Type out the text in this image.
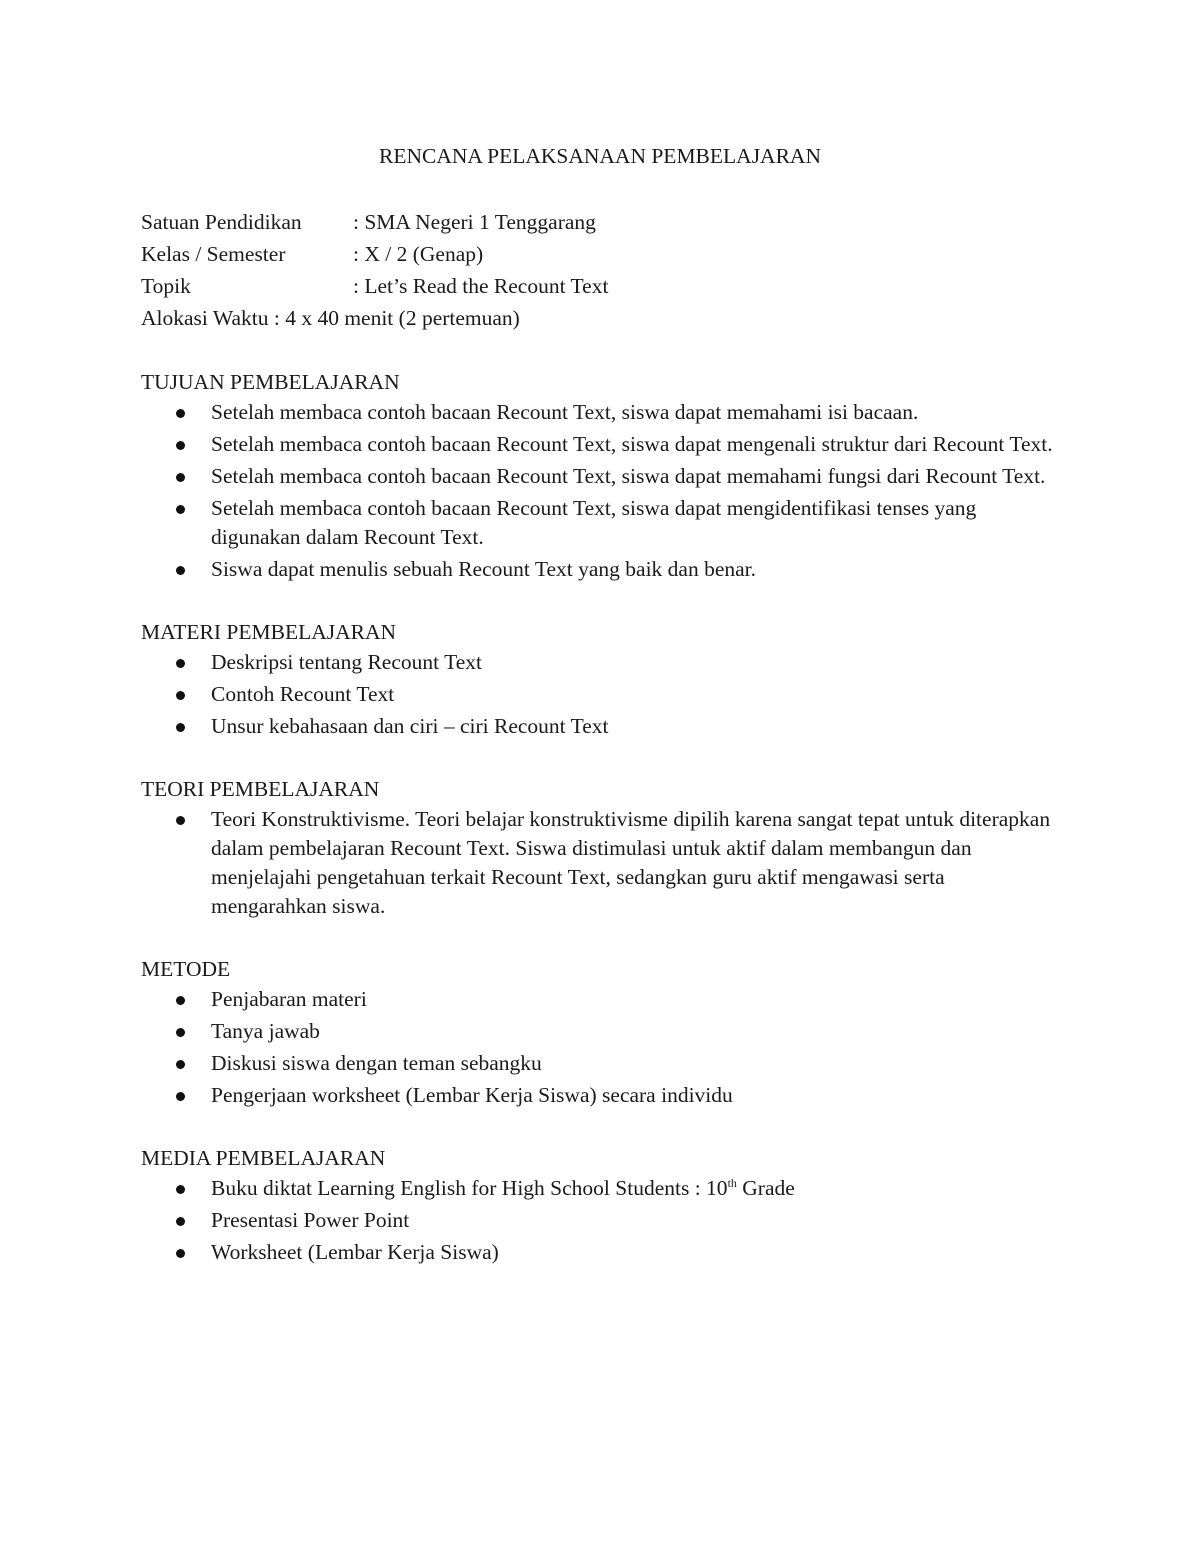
RENCANA PELAKSANAAN PEMBELAJARAN
Satuan Pendidikan : SMA Negeri 1 Tenggarang
Kelas / Semester	: X / 2 (Genap)
Topik	: Let’s Read the Recount Text
Alokasi Waktu : 4 x 40 menit (2 pertemuan)
TUJUAN PEMBELAJARAN
Setelah membaca contoh bacaan Recount Text, siswa dapat memahami isi bacaan.
Setelah membaca contoh bacaan Recount Text, siswa dapat mengenali struktur dari Recount Text.
Setelah membaca contoh bacaan Recount Text, siswa dapat memahami fungsi dari Recount Text.
Setelah membaca contoh bacaan Recount Text, siswa dapat mengidentifikasi tenses yang digunakan dalam Recount Text.
Siswa dapat menulis sebuah Recount Text yang baik dan benar.
MATERI PEMBELAJARAN
Deskripsi tentang Recount Text
Contoh Recount Text
Unsur kebahasaan dan ciri – ciri Recount Text
TEORI PEMBELAJARAN
Teori Konstruktivisme. Teori belajar konstruktivisme dipilih karena sangat tepat untuk diterapkan dalam pembelajaran Recount Text. Siswa distimulasi untuk aktif dalam membangun dan menjelajahi pengetahuan terkait Recount Text, sedangkan guru aktif mengawasi serta mengarahkan siswa.
METODE
Penjabaran materi
Tanya jawab
Diskusi siswa dengan teman sebangku
Pengerjaan worksheet (Lembar Kerja Siswa) secara individu
MEDIA PEMBELAJARAN
Buku diktat Learning English for High School Students : 10th Grade
Presentasi Power Point
Worksheet (Lembar Kerja Siswa)
